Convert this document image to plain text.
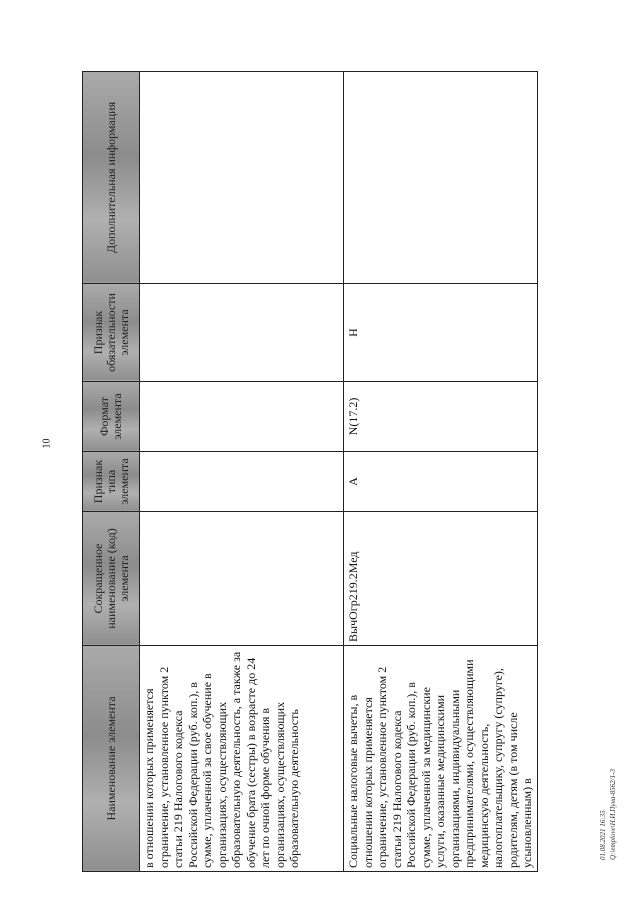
10
Наименование элемента	Сокращенное наименование (код) элемента	Признак типа элемента	Формат элемента	Признак обязательности элемента	Дополнительная информация
в отношении которых применяется ограничение, установленное пунктом 2 статьи 219 Налогового кодекса Российской Федерации (руб. коп.), в сумме, уплаченной за свое обучение в организациях, осуществляющих образовательную деятельность, а также за обучение брата (сестры) в возрасте до 24 лет по очной форме обучения в организациях, осуществляющих образовательную деятельность					
Социальные налоговые вычеты, в отношении которых применяется ограничение, установленное пунктом 2 статьи 219 Налогового кодекса Российской Федерации (руб. коп.), в сумме, уплаченной за медицинские услуги, оказанные медицинскими организациями, индивидуальными предпринимателями, осуществляющими медицинскую деятельность, налогоплательщику, супругу (супруге), родителям, детям (в том числе усыновленным) в	ВычОгр219.2Мед	А	N(17.2)	Н	
01.08.2021 16:35 Q:\emplove\Н.И.Пуна-8562/1-3
